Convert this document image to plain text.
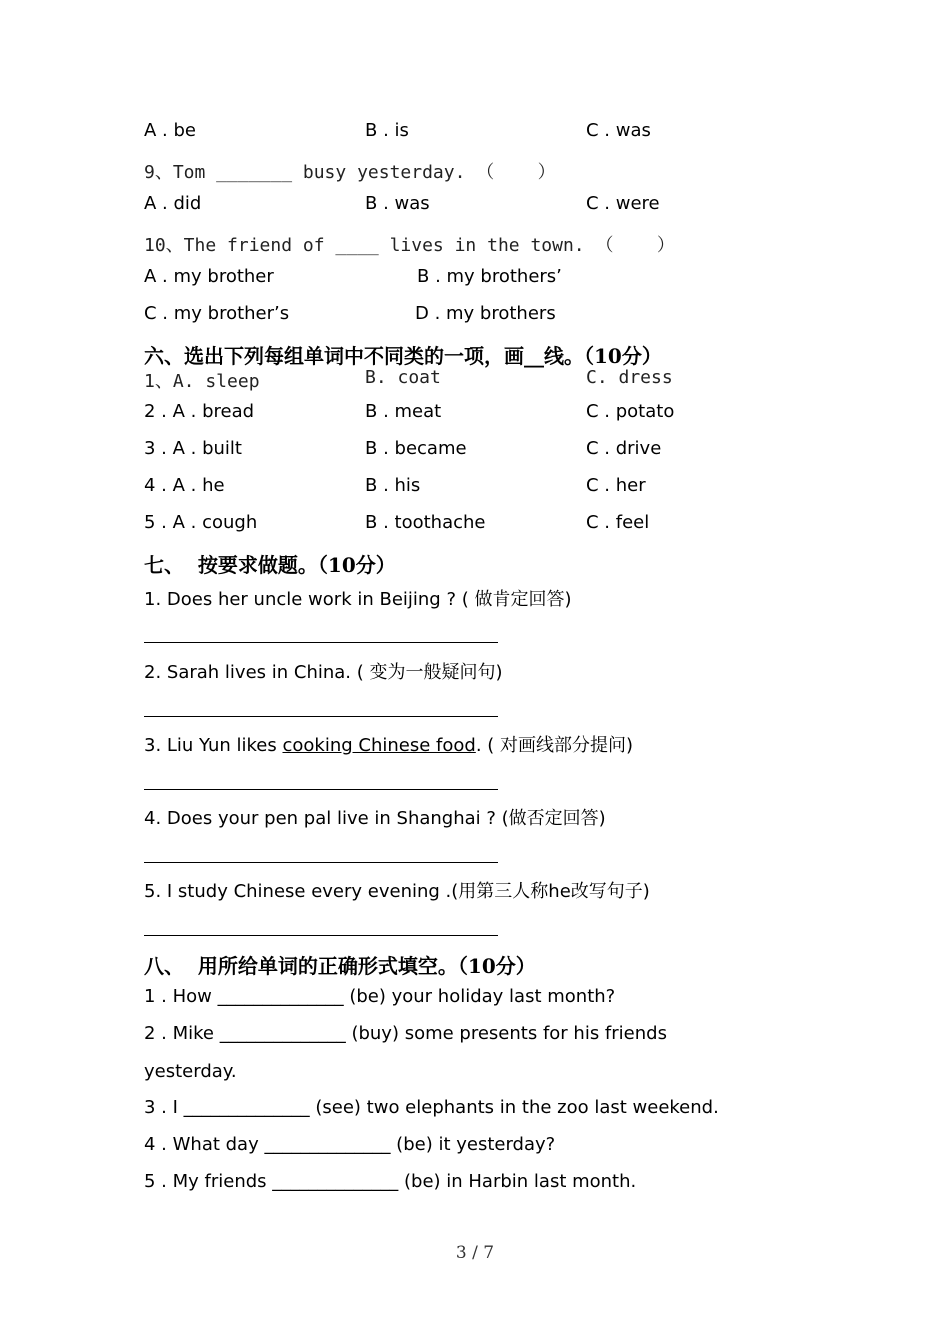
A . be

	B . is

	C . was

9、Tom _______ busy yesterday. （    ）

A . did

	B . was

	C . were

10、The friend of ____ lives in the town. （    ）

A . my brother

	B . my brothers’

C . my brother’s

	D . my brothers

六、选出下列每组单词中不同类的一项，画__线。（10分）

1、A. sleep

	B. coat

	C. dress

2 . A . bread

	B . meat

	C . potato

3 . A . built

	B . became

	C . drive

4 . A . he

	B . his

	C . her

5 . A . cough

	B . toothache

	C . feel

七、  按要求做题。（10分）
1. Does her uncle work in Beijing ? ( 做肯定回答)
2. Sarah lives in China. ( 变为一般疑问句)
3. Liu Yun likes cooking Chinese food. ( 对画线部分提问)
4. Does your pen pal live in Shanghai ? (做否定回答)
5. I study Chinese every evening .(用第三人称he改写句子)
八、  用所给单词的正确形式填空。（10分）
1 . How ______________ (be) your holiday last month?
2 . Mike ______________ (buy) some presents for his friends
yesterday.
3 . I ______________ (see) two elephants in the zoo last weekend.
4 . What day ______________ (be) it yesterday?
5 . My friends ______________ (be) in Harbin last month.
3 / 7
